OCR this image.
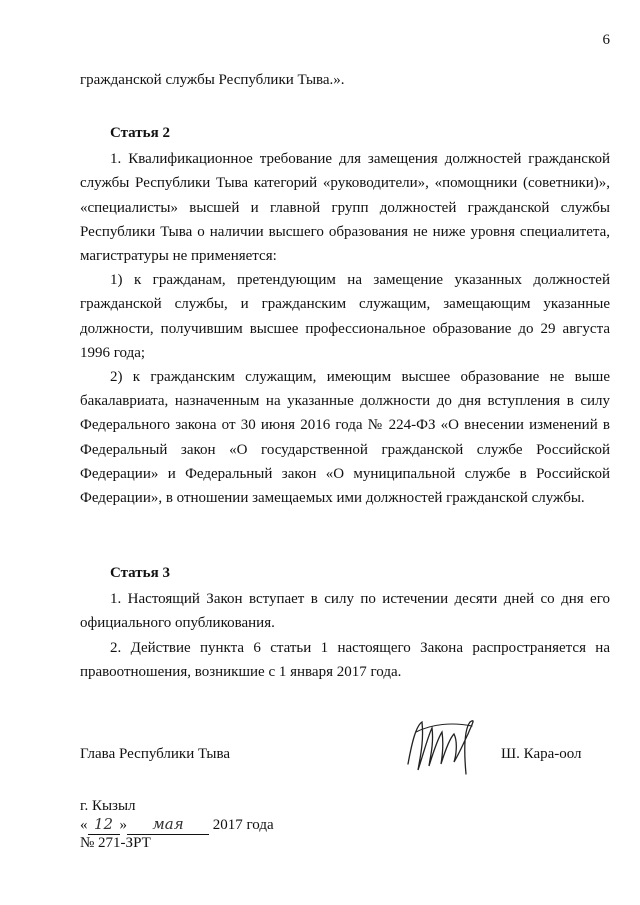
6

гражданской службы Республики Тыва.».

Статья 2

1. Квалификационное требование для замещения должностей гражданской службы Республики Тыва категорий «руководители», «помощники (советники)», «специалисты» высшей и главной групп должностей гражданской службы Республики Тыва о наличии высшего образования не ниже уровня специалитета, магистратуры не применяется:

1) к гражданам, претендующим на замещение указанных должностей гражданской службы, и гражданским служащим, замещающим указанные должности, получившим высшее профессиональное образование до 29 августа 1996 года;

2) к гражданским служащим, имеющим высшее образование не выше бакалавриата, назначенным на указанные должности до дня вступления в силу Федерального закона от 30 июня 2016 года № 224-ФЗ «О внесении изменений в Федеральный закон «О государственной гражданской службе Российской Федерации» и Федеральный закон «О муниципальной службе в Российской Федерации», в отношении замещаемых ими должностей гражданской службы.

Статья 3

1. Настоящий Закон вступает в силу по истечении десяти дней со дня его официального опубликования.

2. Действие пункта 6 статьи 1 настоящего Закона распространяется на правоотношения, возникшие с 1 января 2017 года.

Глава Республики Тыва	Ш. Кара-оол
г. Кызыл
« 12 » мая 2017 года
№ 271-ЗРТ
